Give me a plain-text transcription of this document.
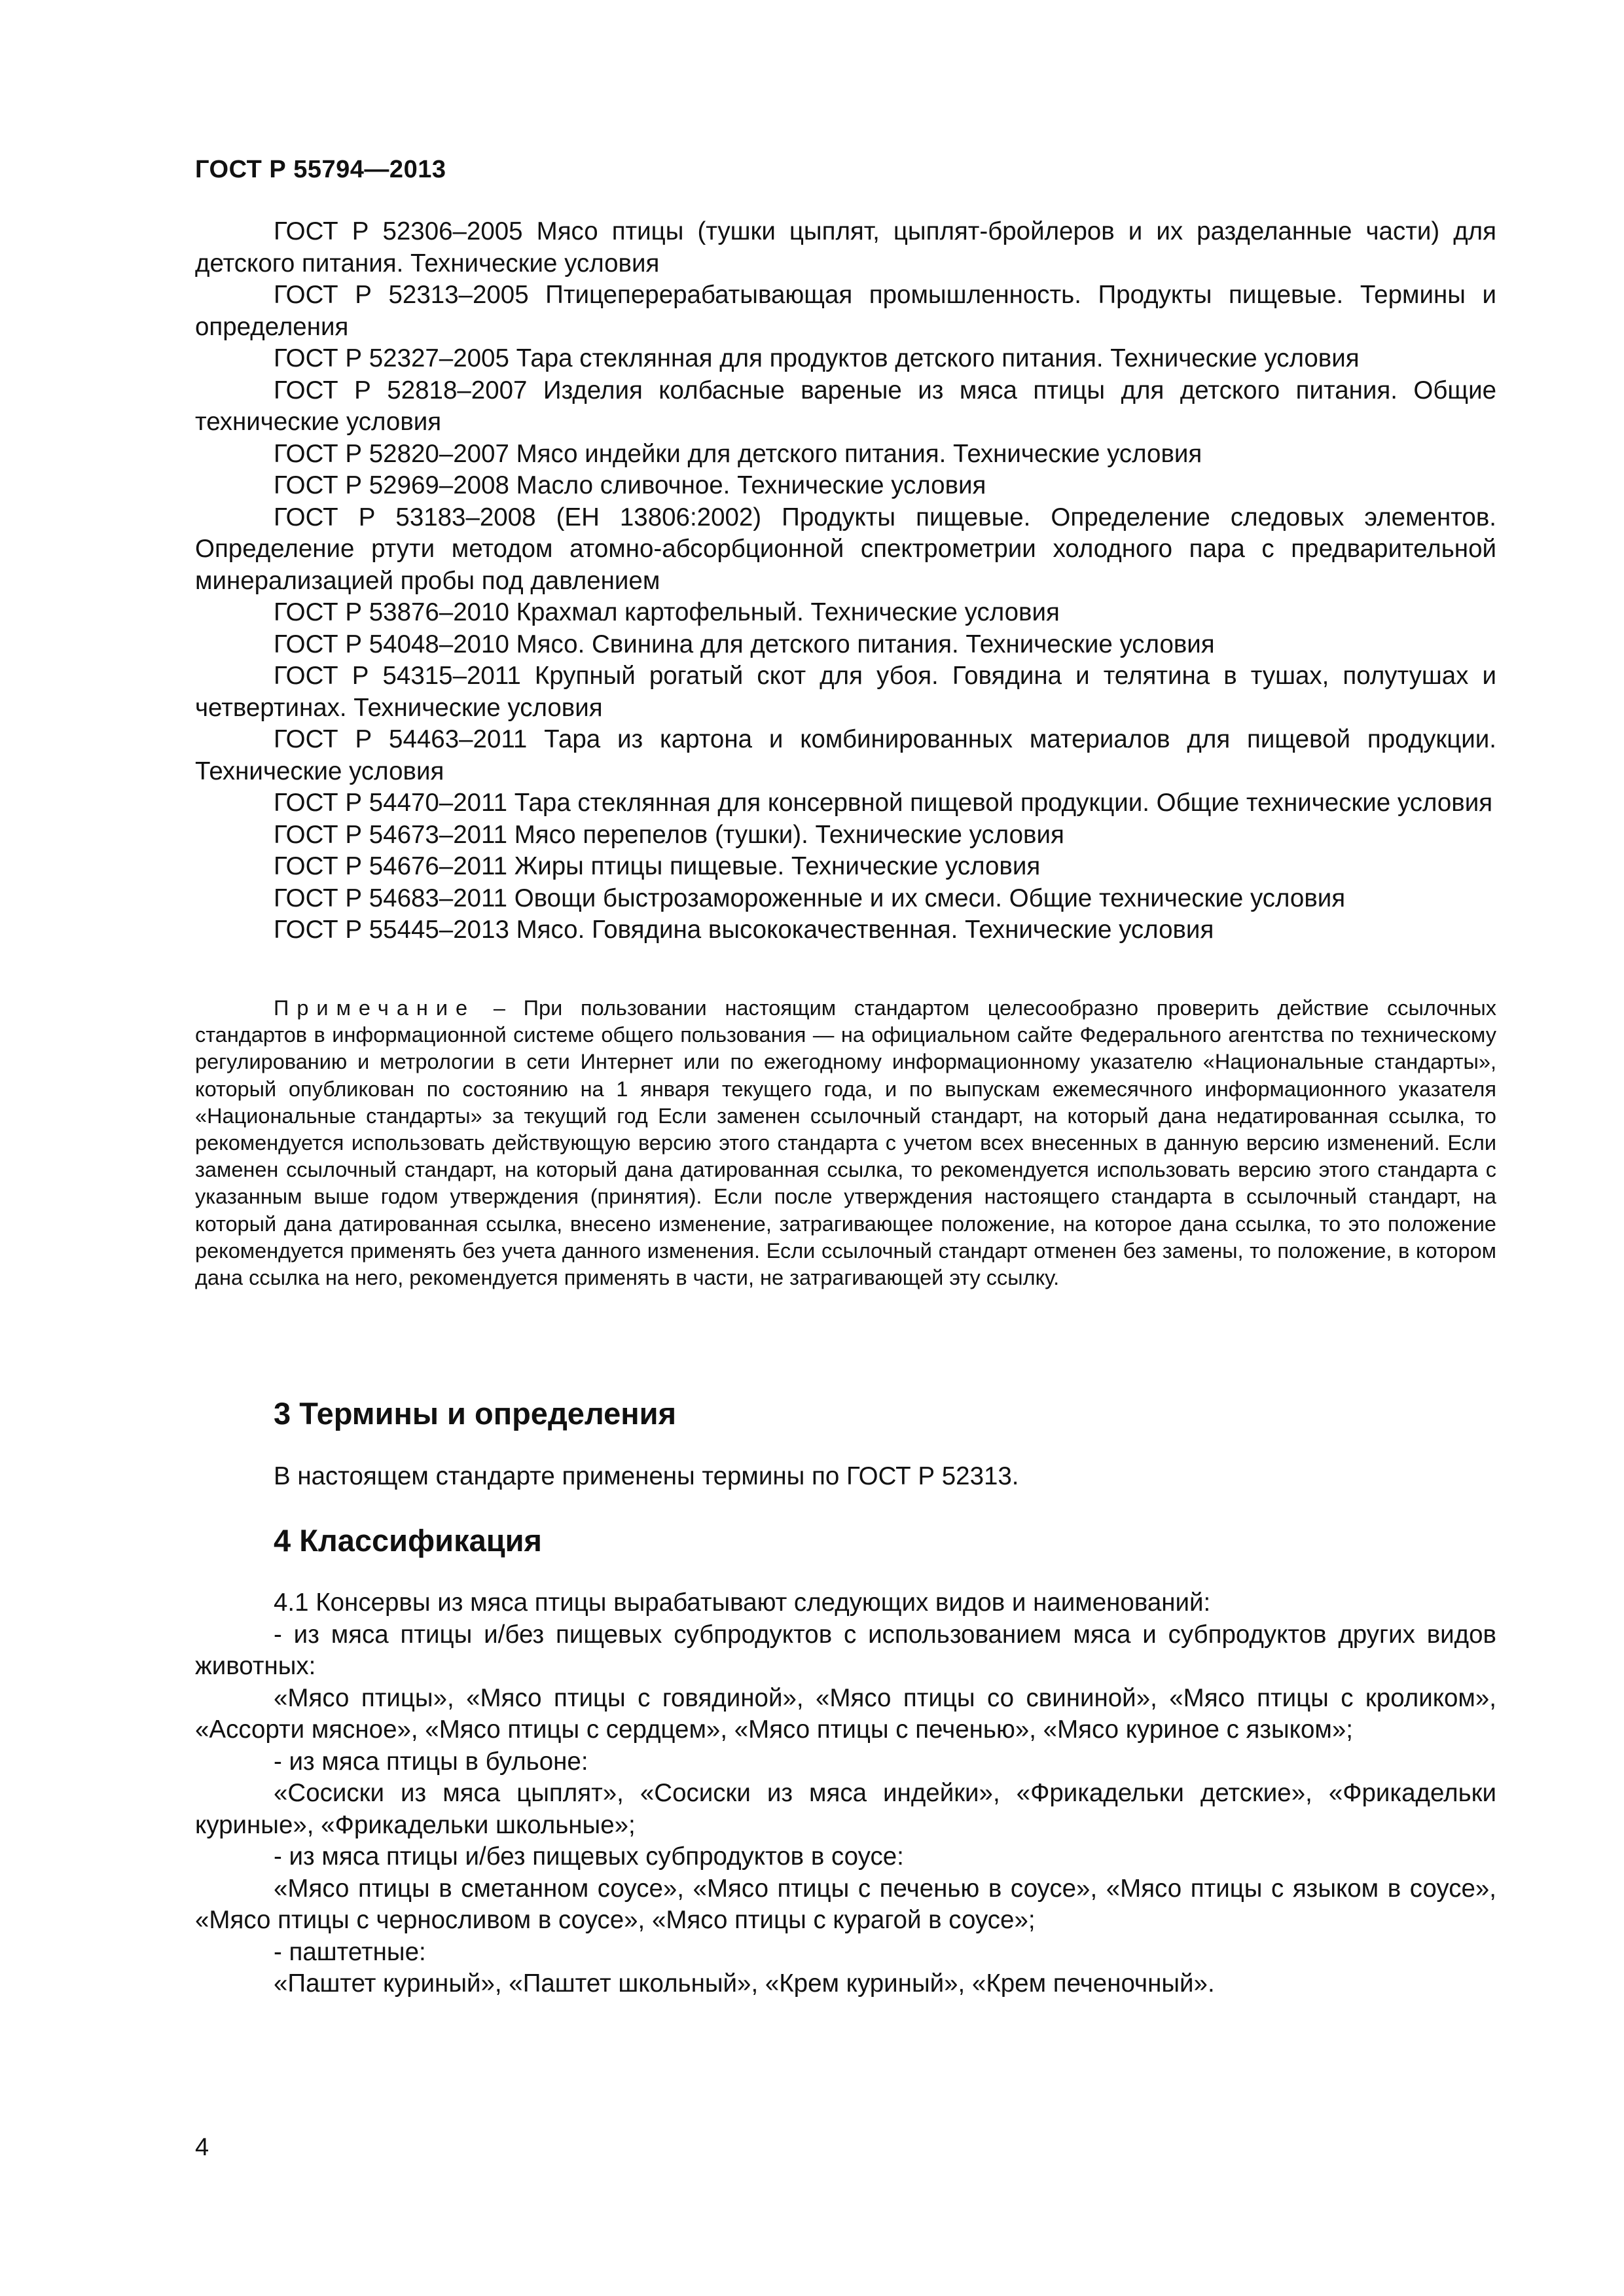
ГОСТ Р 55794—2013

ГОСТ Р 52306–2005 Мясо птицы (тушки цыплят, цыплят-бройлеров и их разделанные части) для детского питания. Технические условия

ГОСТ Р 52313–2005 Птицеперерабатывающая промышленность. Продукты пищевые. Термины и определения

ГОСТ Р 52327–2005 Тара стеклянная для продуктов детского питания. Технические условия

ГОСТ Р 52818–2007 Изделия колбасные вареные из мяса птицы для детского питания. Общие технические условия

ГОСТ Р 52820–2007 Мясо индейки для детского питания. Технические условия

ГОСТ Р 52969–2008 Масло сливочное. Технические условия

ГОСТ Р 53183–2008 (ЕН 13806:2002) Продукты пищевые. Определение следовых элементов. Определение ртути методом атомно-абсорбционной спектрометрии холодного пара с предварительной минерализацией пробы под давлением

ГОСТ Р 53876–2010 Крахмал картофельный. Технические условия

ГОСТ Р 54048–2010 Мясо. Свинина для детского питания. Технические условия

ГОСТ Р 54315–2011 Крупный рогатый скот для убоя. Говядина и телятина в тушах, полутушах и четвертинах. Технические условия

ГОСТ Р 54463–2011 Тара из картона и комбинированных материалов для пищевой продукции. Технические условия

ГОСТ Р 54470–2011 Тара стеклянная для консервной пищевой продукции. Общие технические условия

ГОСТ Р 54673–2011 Мясо перепелов (тушки). Технические условия

ГОСТ Р 54676–2011 Жиры птицы пищевые. Технические условия

ГОСТ Р 54683–2011 Овощи быстрозамороженные и их смеси. Общие технические условия

ГОСТ Р 55445–2013 Мясо. Говядина высококачественная. Технические условия

Примечание – При пользовании настоящим стандартом целесообразно проверить действие ссылочных стандартов в информационной системе общего пользования — на официальном сайте Федерального агентства по техническому регулированию и метрологии в сети Интернет или по ежегодному информационному указателю «Национальные стандарты», который опубликован по состоянию на 1 января текущего года, и по выпускам ежемесячного информационного указателя «Национальные стандарты» за текущий год Если заменен ссылочный стандарт, на который дана недатированная ссылка, то рекомендуется использовать действующую версию этого стандарта с учетом всех внесенных в данную версию изменений. Если заменен ссылочный стандарт, на который дана датированная ссылка, то рекомендуется использовать версию этого стандарта с указанным выше годом утверждения (принятия). Если после утверждения настоящего стандарта в ссылочный стандарт, на который дана датированная ссылка, внесено изменение, затрагивающее положение, на которое дана ссылка, то это положение рекомендуется применять без учета данного изменения. Если ссылочный стандарт отменен без замены, то положение, в котором дана ссылка на него, рекомендуется применять в части, не затрагивающей эту ссылку.

3 Термины и определения

В настоящем стандарте применены термины по ГОСТ Р 52313.

4 Классификация

4.1 Консервы из мяса птицы вырабатывают следующих видов и наименований:

- из мяса птицы и/без пищевых субпродуктов с использованием мяса и субпродуктов других видов животных:

«Мясо птицы», «Мясо птицы с говядиной», «Мясо птицы со свининой», «Мясо птицы с кроликом», «Ассорти мясное», «Мясо птицы с сердцем», «Мясо птицы с печенью», «Мясо куриное с языком»;

- из мяса птицы в бульоне:

«Сосиски из мяса цыплят», «Сосиски из мяса индейки», «Фрикадельки детские», «Фрикадельки куриные», «Фрикадельки школьные»;

- из мяса птицы и/без пищевых субпродуктов в соусе:

«Мясо птицы в сметанном соусе», «Мясо птицы с печенью в соусе», «Мясо птицы с языком в соусе», «Мясо птицы с черносливом в соусе», «Мясо птицы с курагой в соусе»;

- паштетные:

«Паштет куриный», «Паштет школьный», «Крем куриный», «Крем печеночный».

4
